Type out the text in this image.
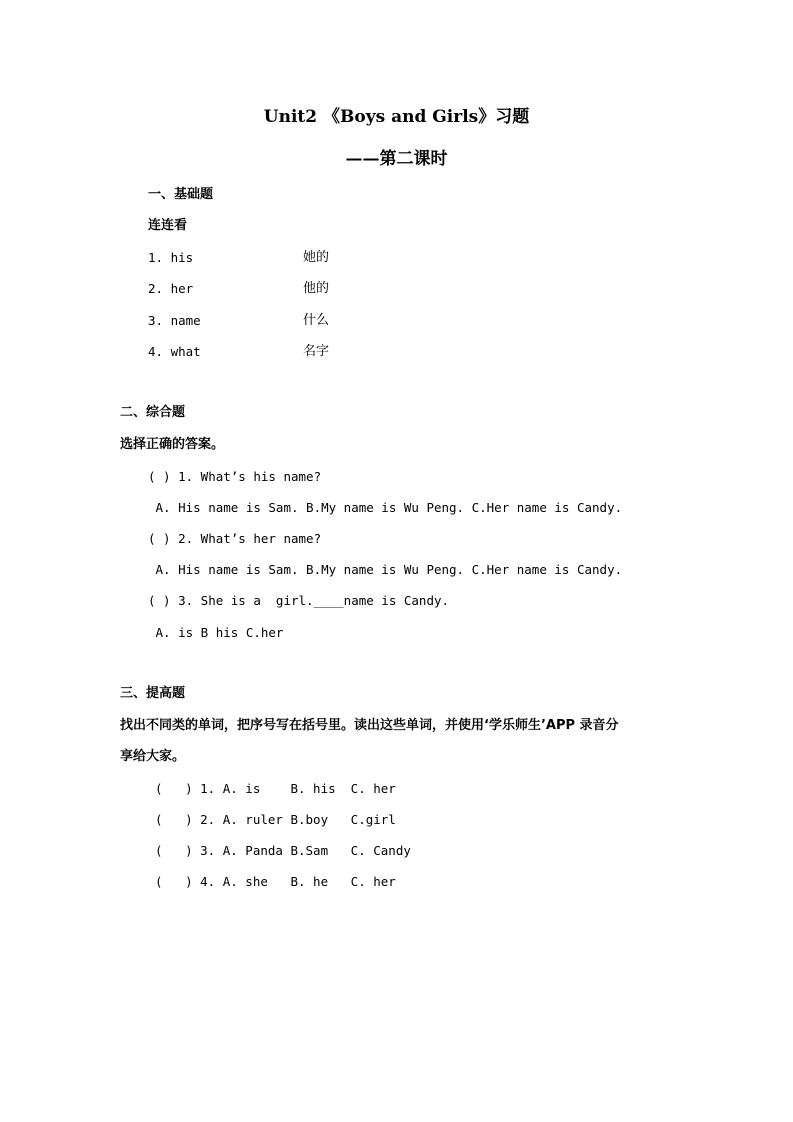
Unit2 《Boys and Girls》习题
——第二课时
一、基础题
连连看
1. his	她的
2. her	他的
3. name	什么
4. what	名字
二、综合题
选择正确的答案。
( ) 1. What’s his name?
A. His name is Sam. B.My name is Wu Peng. C.Her name is Candy.
( ) 2. What’s her name?
A. His name is Sam. B.My name is Wu Peng. C.Her name is Candy.
( ) 3. She is a  girl.____name is Candy.
A. is B his C.her
三、提高题
找出不同类的单词，把序号写在括号里。读出这些单词，并使用‘学乐师生’APP 录音分
享给大家。
(   ) 1. A. is    B. his  C. her
(   ) 2. A. ruler B.boy   C.girl
(   ) 3. A. Panda B.Sam   C. Candy
(   ) 4. A. she   B. he   C. her
